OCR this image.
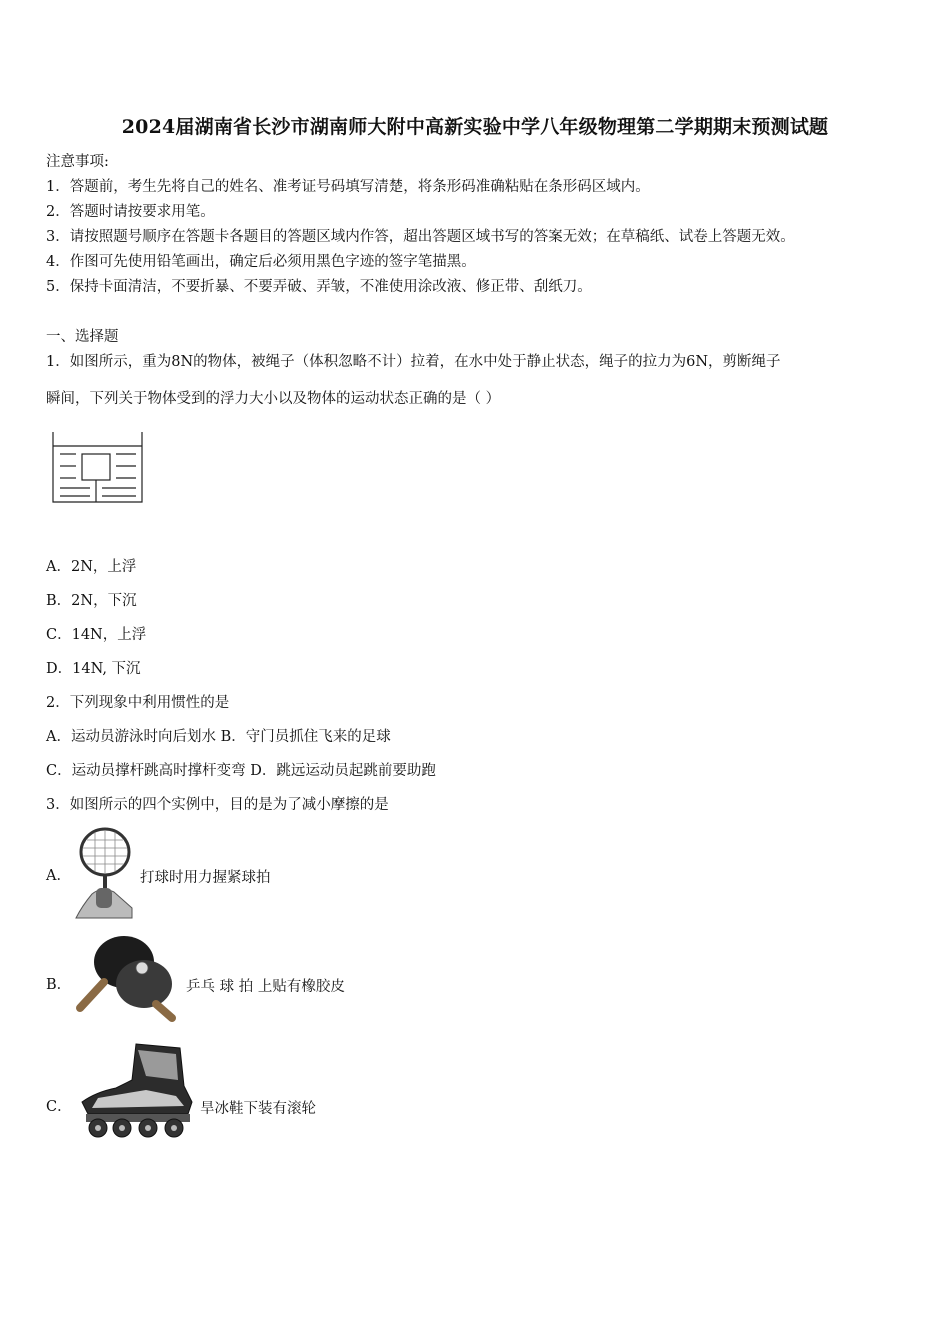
2024届湖南省长沙市湖南师大附中高新实验中学八年级物理第二学期期末预测试题
注意事项:
1．答题前，考生先将自己的姓名、准考证号码填写清楚，将条形码准确粘贴在条形码区域内。
2．答题时请按要求用笔。
3．请按照题号顺序在答题卡各题目的答题区域内作答，超出答题区域书写的答案无效；在草稿纸、试卷上答题无效。
4．作图可先使用铅笔画出，确定后必须用黑色字迹的签字笔描黑。
5．保持卡面清洁，不要折暴、不要弄破、弄皱，不准使用涂改液、修正带、刮纸刀。
一、选择题
1．如图所示，重为8N的物体，被绳子（体积忽略不计）拉着，在水中处于静止状态，绳子的拉力为6N，剪断绳子
瞬间，下列关于物体受到的浮力大小以及物体的运动状态正确的是（ ）
A．2N，上浮
B．2N，下沉
C．14N，上浮
D．14N, 下沉
2．下列现象中利用惯性的是
A．运动员游泳时向后划水 B．守门员抓住飞来的足球
C．运动员撑杆跳高时撑杆变弯 D．跳远运动员起跳前要助跑
3．如图所示的四个实例中，目的是为了减小摩擦的是
A．	打球时用力握紧球拍
B．	乒乓 球 拍 上贴有橡胶皮
C．	旱冰鞋下装有滚轮
